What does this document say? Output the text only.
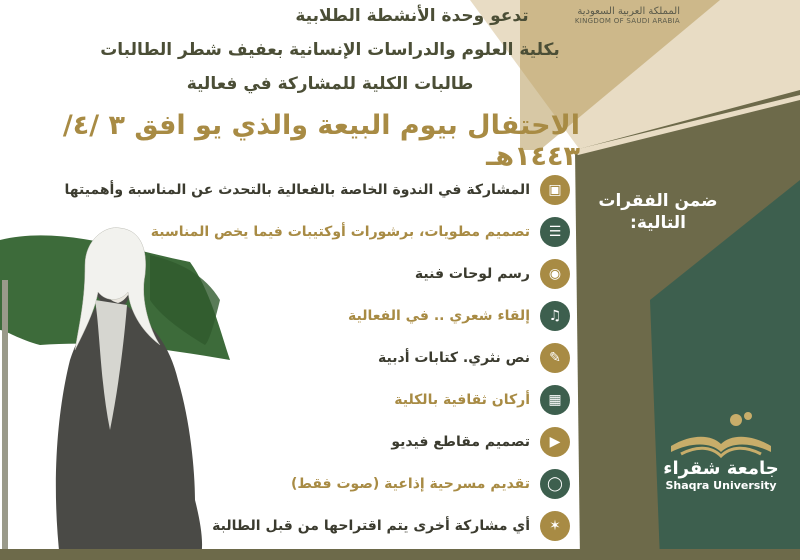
المملكة العربية السعودية
KINGDOM OF SAUDI ARABIA
تدعو وحدة الأنشطة الطلابية
بكلية العلوم والدراسات الإنسانية بعفيف شطر الطالبات
طالبات الكلية للمشاركة في فعالية
الاحتفال بيوم البيعة والذي يو افق ٣ /٤/ ١٤٤٣هـ
ضمن الفقرات التالية:
▣
المشاركة في الندوة الخاصة بالفعالية بالتحدث عن المناسبة وأهميتها
☰
تصميم مطويات، برشورات أوكتيبات فيما يخص المناسبة
◉
رسم لوحات فنية
♫
إلقاء شعري .. في الفعالية
✎
نص نثري. كتابات أدبية
▦
أركان ثقافية بالكلية
▶
تصميم مقاطع فيديو
◯
تقديم مسرحية إذاعية (صوت فقط)
✶
أي مشاركة أخرى يتم اقتراحها من قبل الطالبة
جامعة شقراء
Shaqra University
